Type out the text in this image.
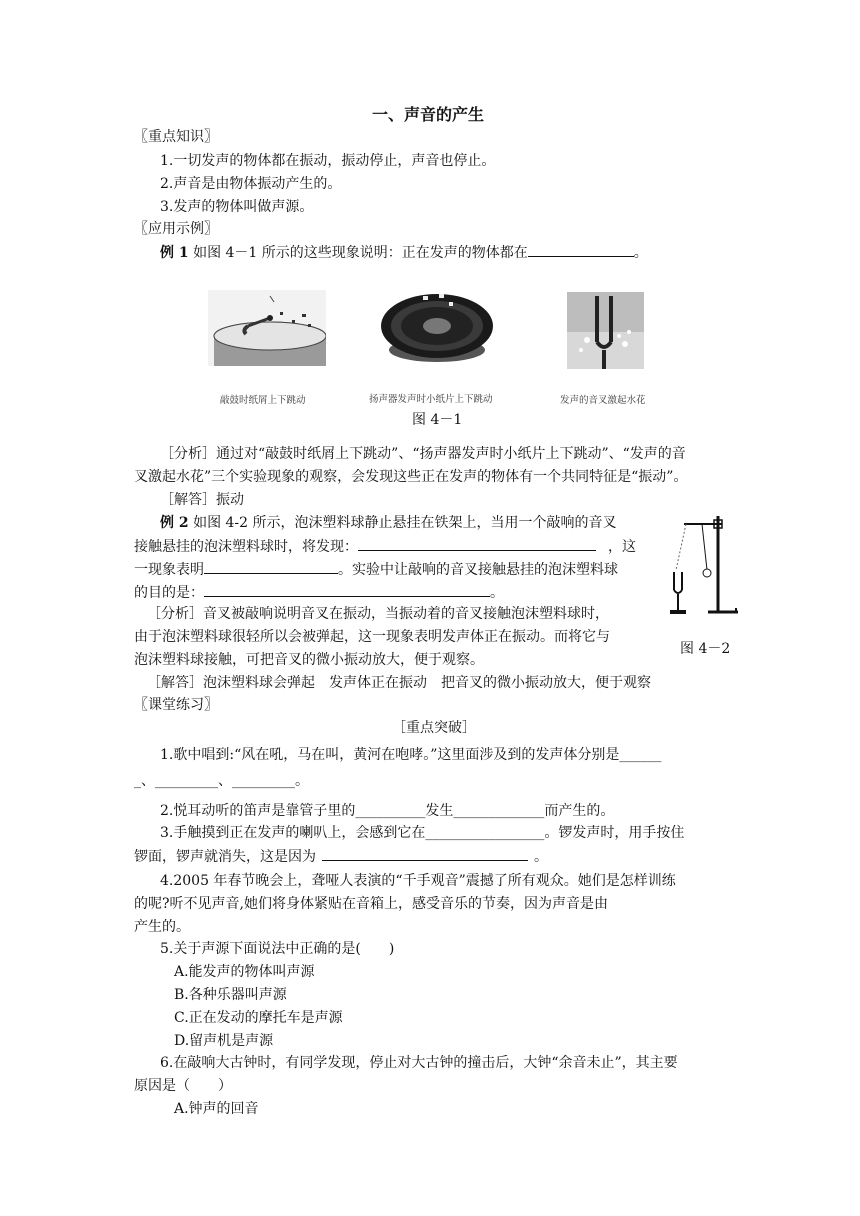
一、声音的产生
〖重点知识〗
1.一切发声的物体都在振动，振动停止，声音也停止。
2.声音是由物体振动产生的。
3.发声的物体叫做声源。
〖应用示例〗
例 1 如图 4－1 所示的这些现象说明：正在发声的物体都在	。
敲鼓时纸屑上下跳动	扬声器发声时小纸片上下跳动	发声的音叉激起水花
图 4－1
［分析］通过对“敲鼓时纸屑上下跳动”、“扬声器发声时小纸片上下跳动”、“发声的音
叉激起水花”三个实验现象的观察，会发现这些正在发声的物体有一个共同特征是“振动”。
［解答］振动
例 2 如图 4-2 所示，泡沫塑料球静止悬挂在铁架上，当用一个敲响的音叉
接触悬挂的泡沫塑料球时，将发现：	，这
一现象表明	。实验中让敲响的音叉接触悬挂的泡沫塑料球
的目的是：	。
［分析］音叉被敲响说明音叉在振动，当振动着的音叉接触泡沫塑料球时，
由于泡沫塑料球很轻所以会被弹起，这一现象表明发声体正在振动。而将它与
泡沫塑料球接触，可把音叉的微小振动放大，便于观察。
［解答］泡沫塑料球会弹起　发声体正在振动　把音叉的微小振动放大，便于观察
图 4－2
〖课堂练习〗
［重点突破］
1.歌中唱到:“风在吼，马在叫，黄河在咆哮。”这里面涉及到的发声体分别是______
_、_________、_________。
2.悦耳动听的笛声是靠管子里的__________发生_____________而产生的。
3.手触摸到正在发声的喇叭上，会感到它在_________________。锣发声时，用手按住
锣面，锣声就消失，这是因为	。
4.2005 年春节晚会上，聋哑人表演的“千手观音”震撼了所有观众。她们是怎样训练
的呢?听不见声音,她们将身体紧贴在音箱上，感受音乐的节奏，因为声音是由
产生的。
5.关于声源下面说法中正确的是(　　)
A.能发声的物体叫声源
B.各种乐器叫声源
C.正在发动的摩托车是声源
D.留声机是声源
6.在敲响大古钟时，有同学发现，停止对大古钟的撞击后，大钟“余音未止”，其主要
原因是（　　）
A.钟声的回音
